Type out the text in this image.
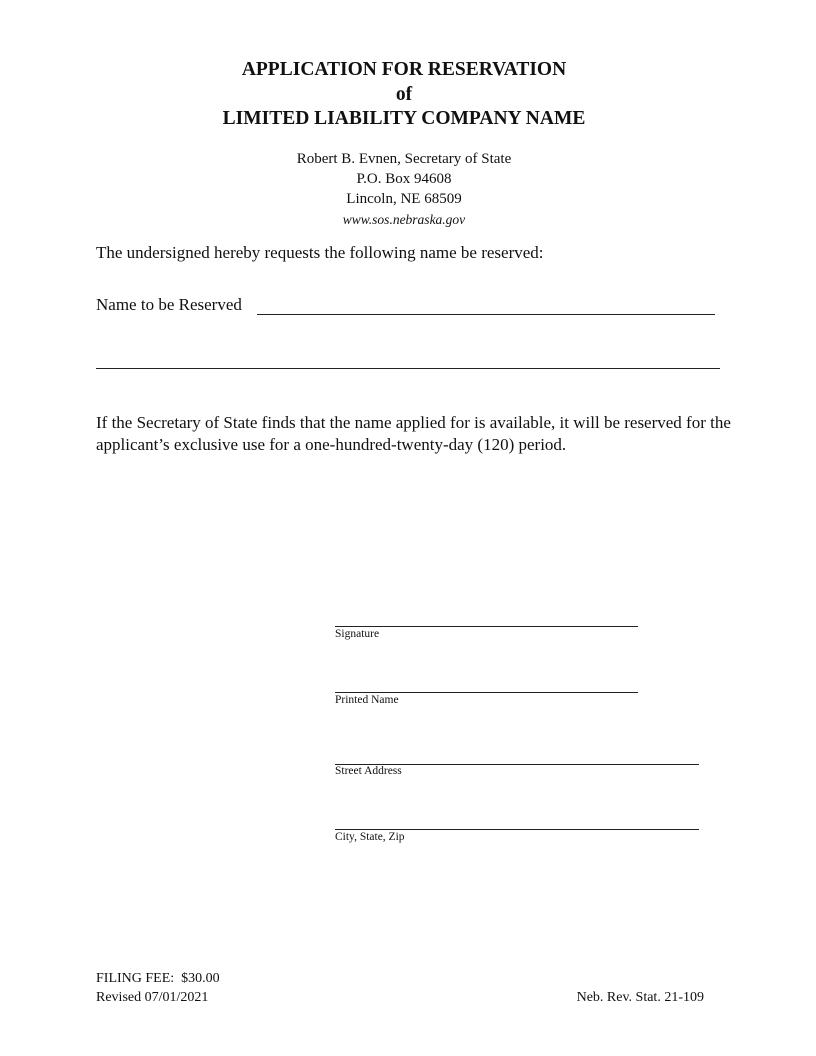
APPLICATION FOR RESERVATION
of
LIMITED LIABILITY COMPANY NAME
Robert B. Evnen, Secretary of State
P.O. Box 94608
Lincoln, NE 68509
www.sos.nebraska.gov
The undersigned hereby requests the following name be reserved:
Name to be Reserved
If the Secretary of State finds that the name applied for is available, it will be reserved for the applicant’s exclusive use for a one-hundred-twenty-day (120) period.
Signature
Printed Name
Street Address
City, State, Zip
FILING FEE:  $30.00
Revised 07/01/2021	Neb. Rev. Stat. 21-109
